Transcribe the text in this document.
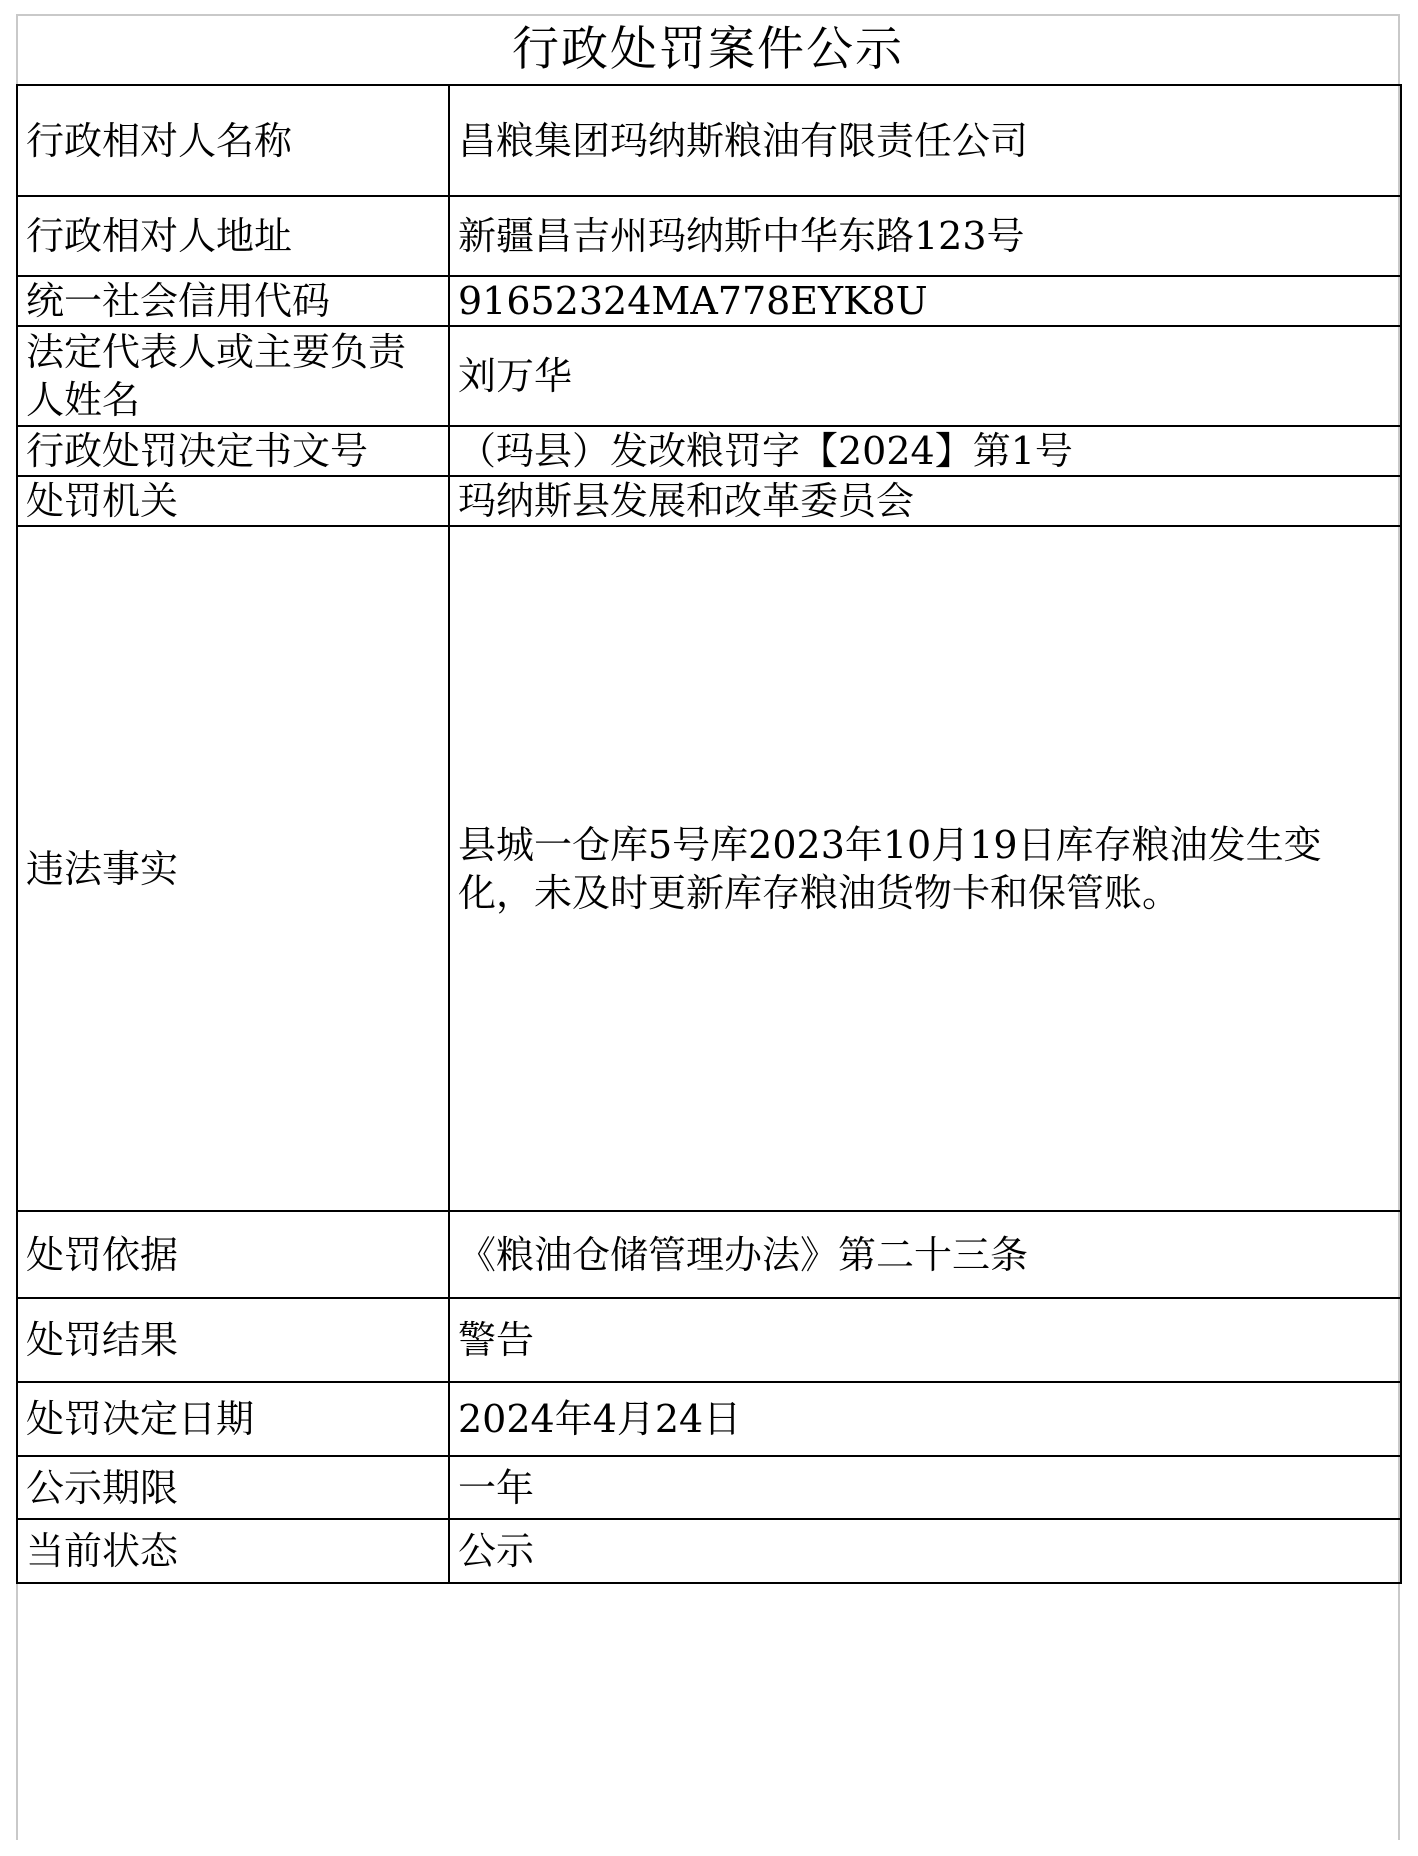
行政处罚案件公示
行政相对人名称	昌粮集团玛纳斯粮油有限责任公司
行政相对人地址	新疆昌吉州玛纳斯中华东路123号
统一社会信用代码	91652324MA778EYK8U
法定代表人或主要负责人姓名	刘万华
行政处罚决定书文号	（玛县）发改粮罚字【2024】第1号
处罚机关	玛纳斯县发展和改革委员会
违法事实	县城一仓库5号库2023年10月19日库存粮油发生变化，未及时更新库存粮油货物卡和保管账。
处罚依据	《粮油仓储管理办法》第二十三条
处罚结果	警告
处罚决定日期	2024年4月24日
公示期限	一年
当前状态	公示
